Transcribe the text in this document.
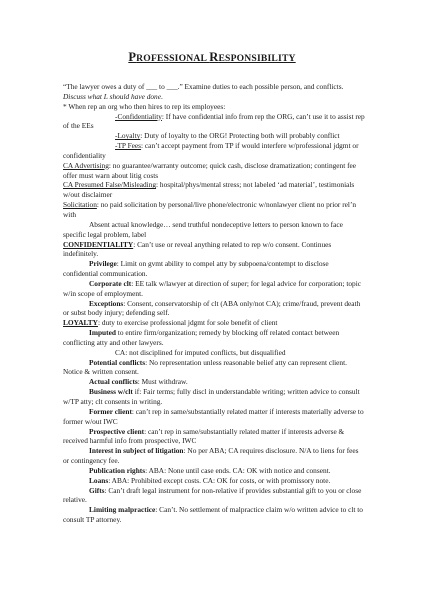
PROFESSIONAL RESPONSIBILITY

“The lawyer owes a duty of ___ to ___.” Examine duties to each possible person, and conflicts. Discuss what L should have done.

* When rep an org who then hires to rep its employees:

-Confidentiality: If have confidential info from rep the ORG, can’t use it to assist rep of the EEs

-Loyalty: Duty of loyalty to the ORG! Protecting both will probably conflict

-TP Fees: can’t accept payment from TP if would interfere w/professional jdgmt or confidentiality

CA Advertising: no guarantee/warranty outcome; quick cash, disclose dramatization; contingent fee offer must warn about litig costs

CA Presumed False/Misleading: hospital/phys/mental stress; not labeled ‘ad material’, testimonials w/out disclaimer

Solicitation: no paid solicitation by personal/live phone/electronic w/nonlawyer client no prior rel’n with

Absent actual knowledge… send truthful nondeceptive letters to person known to face specific legal problem, label

CONFIDENTIALITY: Can’t use or reveal anything related to rep w/o consent. Continues indefinitely.

Privilege: Limit on gvmt ability to compel atty by subpoena/contempt to disclose confidential communication.

Corporate clt: EE talk w/lawyer at direction of super; for legal advice for corporation; topic w/in scope of employment.

Exceptions: Consent, conservatorship of clt (ABA only/not CA); crime/fraud, prevent death or subst body injury; defending self.

LOYALTY: duty to exercise professional jdgmt for sole benefit of client

Imputed to entire firm/organization; remedy by blocking off related contact between conflicting atty and other lawyers.

CA: not disciplined for imputed conflicts, but disqualified

Potential conflicts: No representation unless reasonable belief atty can represent client. Notice & written consent.

Actual conflicts: Must withdraw.

Business w/clt if: Fair terms; fully discl in understandable writing; written advice to consult w/TP atty; clt consents in writing.

Former client: can’t rep in same/substantially related matter if interests materially adverse to former w/out IWC

Prospective client: can’t rep in same/substantially related matter if interests adverse & received harmful info from prospective, IWC

Interest in subject of litigation: No per ABA; CA requires disclosure. N/A to liens for fees or contingency fee.

Publication rights: ABA: None until case ends. CA: OK with notice and consent.

Loans: ABA: Prohibited except costs. CA: OK for costs, or with promissory note.

Gifts: Can’t draft legal instrument for non-relative if provides substantial gift to you or close relative.

Limiting malpractice: Can’t. No settlement of malpractice claim w/o written advice to clt to consult TP attorney.
